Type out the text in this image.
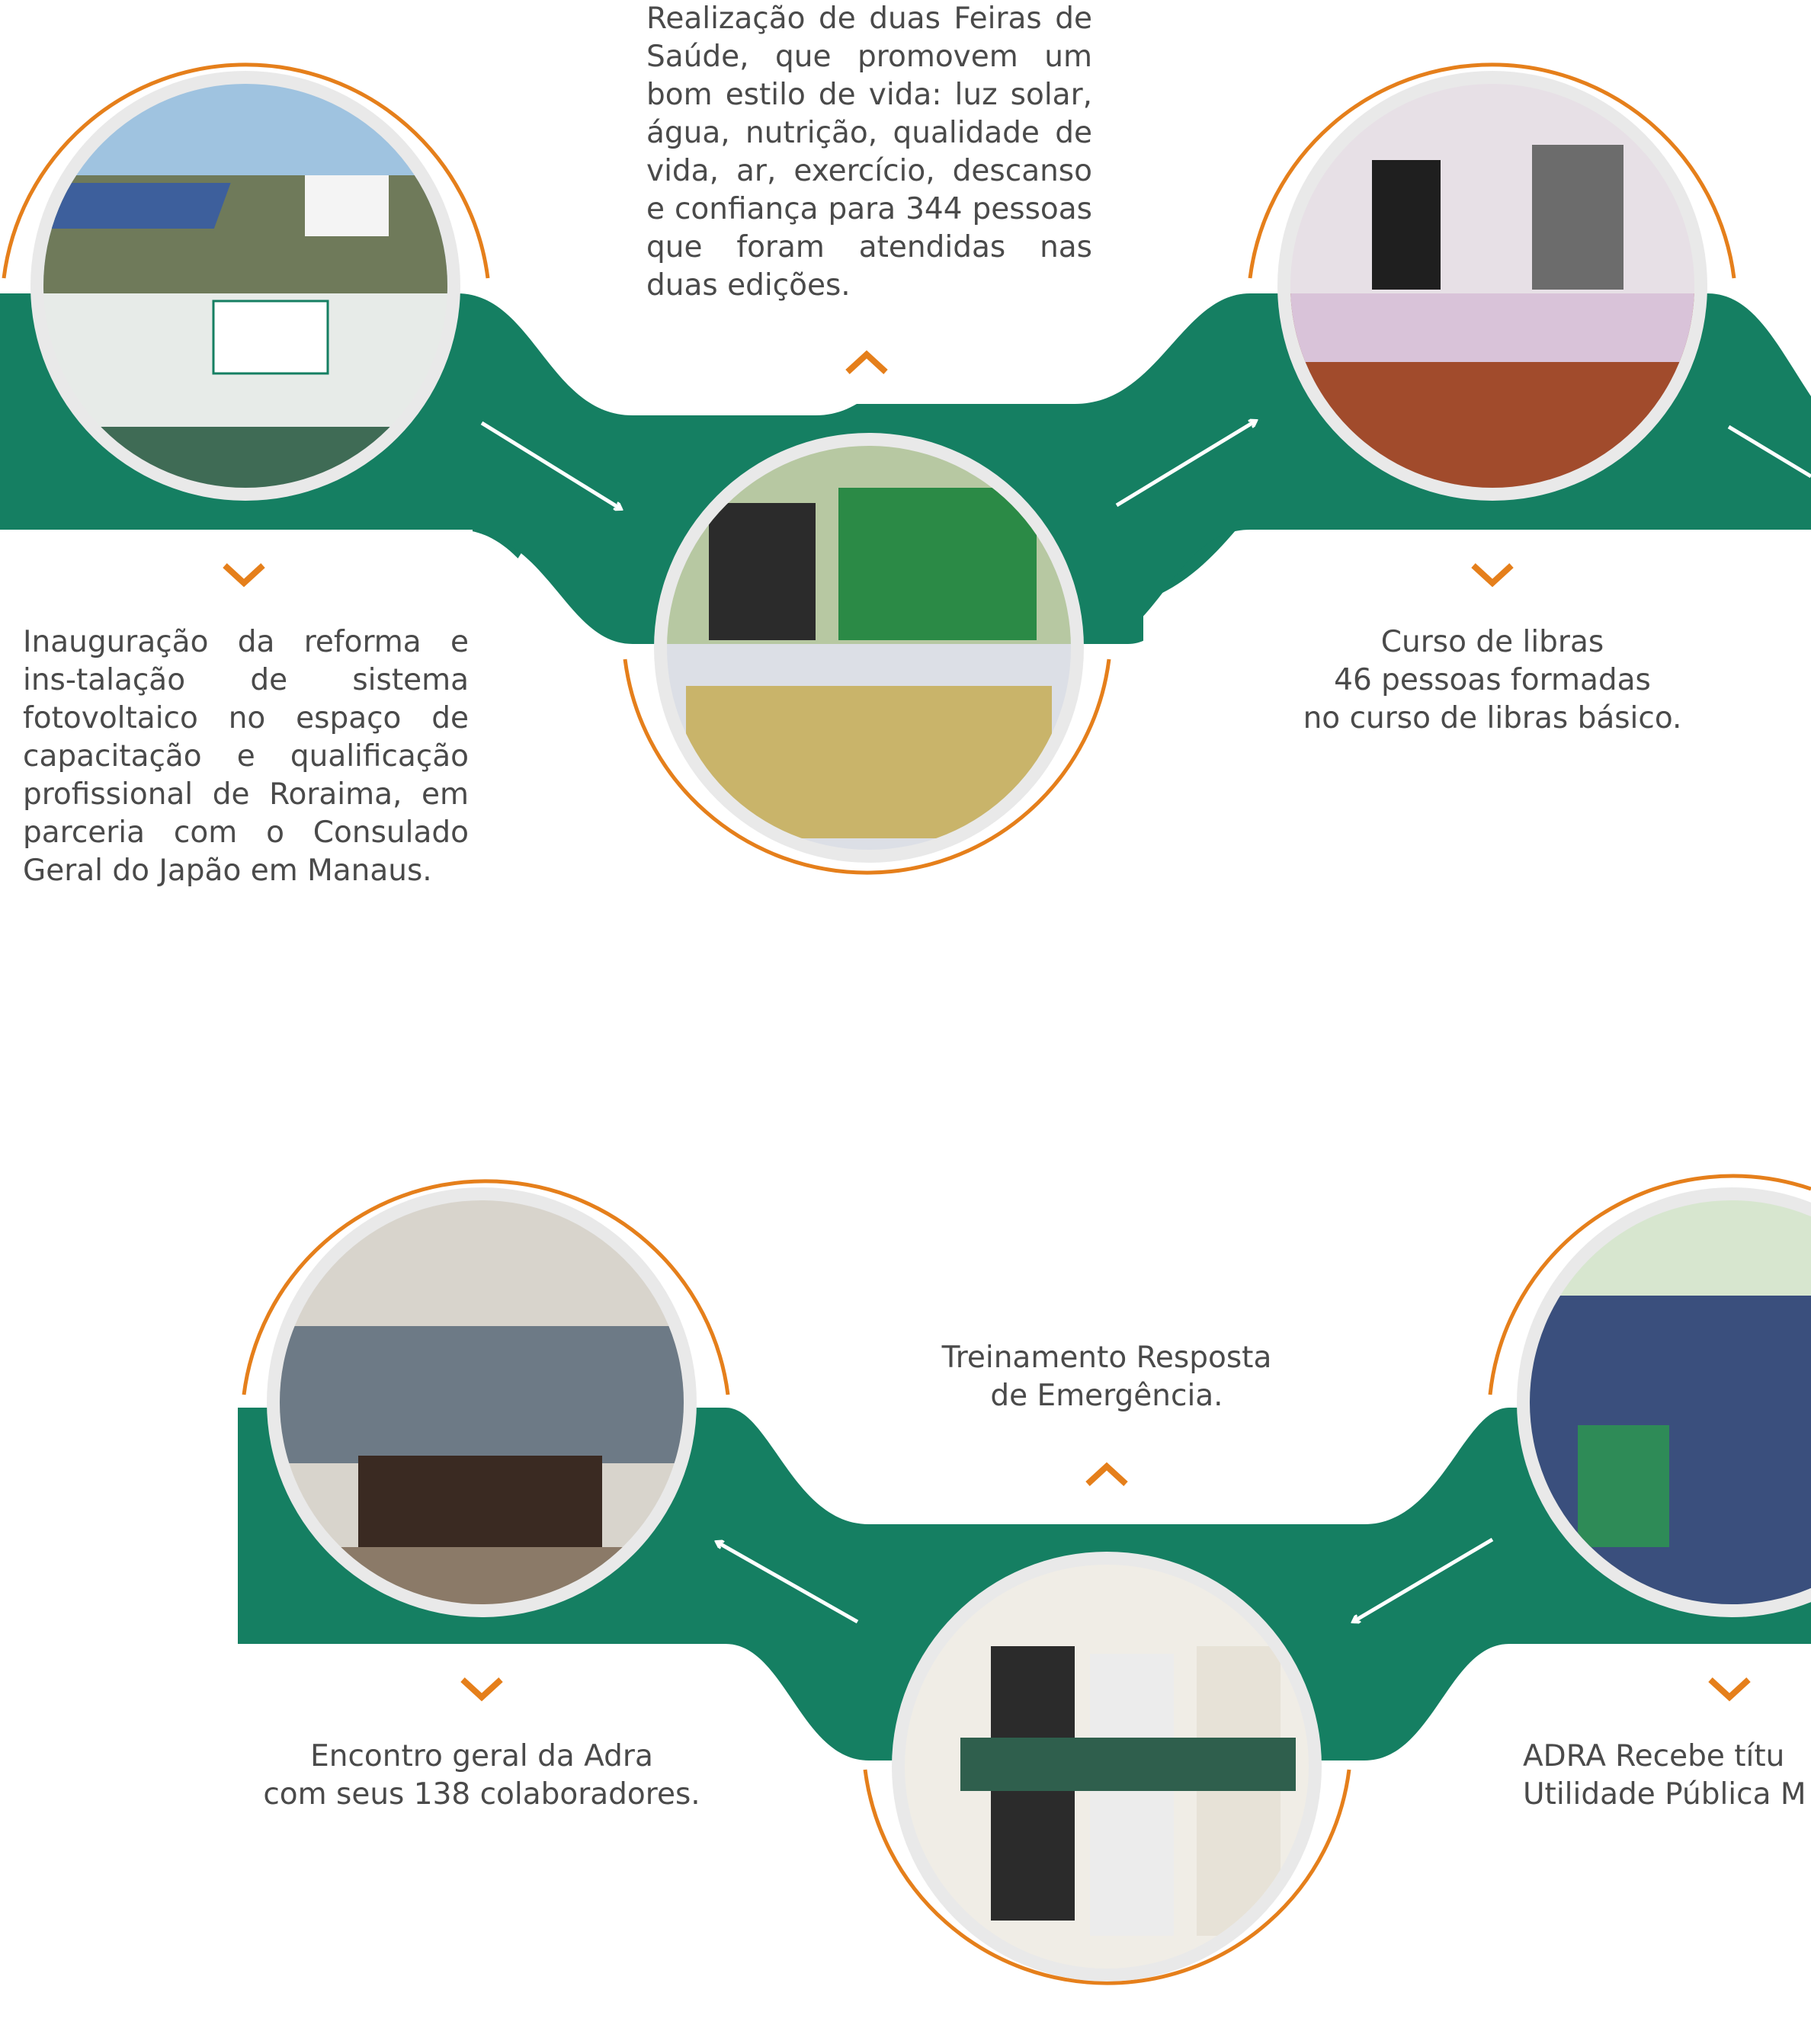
Inauguração da reforma e ins-talação de sistema fotovoltaico no espaço de capacitação e qualificação profissional de Roraima, em parceria com o Consulado Geral do Japão em Manaus.

Realização de duas Feiras de Saúde, que promovem um bom estilo de vida: luz solar, água, nutrição, qualidade de vida, ar, exercício, descanso e confiança para 344 pessoas que foram atendidas nas duas edições.

Curso de libras
46 pessoas formadas
no curso de libras básico.

Encontro geral da Adra
com seus 138 colaboradores.

Treinamento Resposta
de Emergência.

ADRA Recebe títu
Utilidade Pública M
